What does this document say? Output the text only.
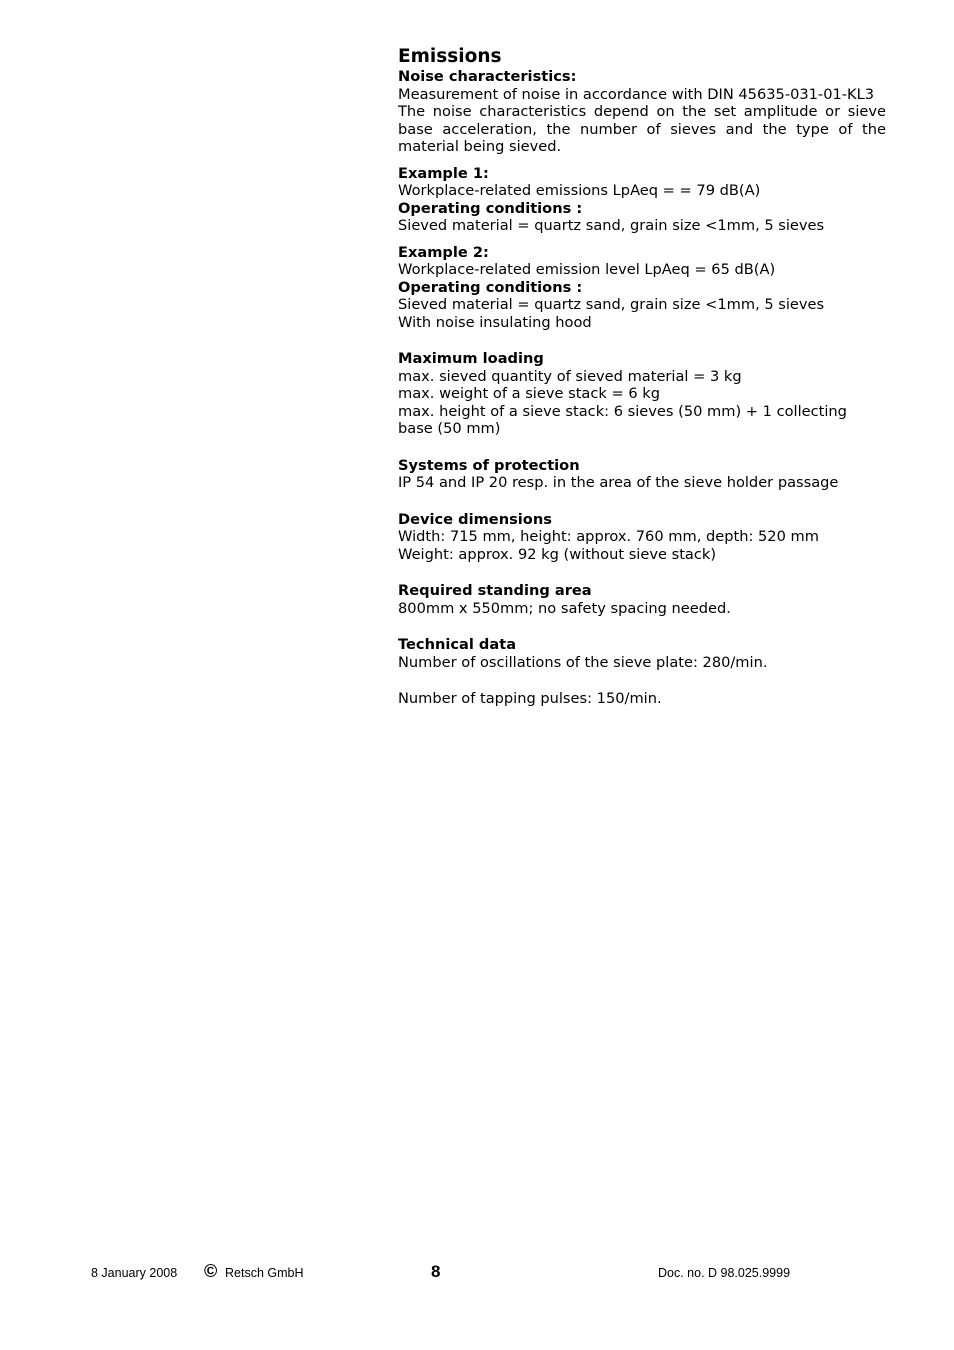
Emissions

Noise characteristics:

Measurement of noise in accordance with DIN 45635-031-01-KL3

The noise characteristics depend on the set amplitude or sieve base acceleration, the number of sieves and the type of the material being sieved.

Example 1:

Workplace-related emissions LpAeq = = 79 dB(A)

Operating conditions :

Sieved material = quartz sand, grain size <1mm, 5 sieves

Example 2:

Workplace-related emission level LpAeq = 65 dB(A)

Operating conditions :

Sieved material = quartz sand, grain size <1mm, 5 sieves

With noise insulating hood

Maximum loading

max. sieved quantity of sieved material = 3 kg

max. weight of a sieve stack = 6 kg

max. height of a sieve stack: 6 sieves (50 mm) + 1 collecting base (50 mm)

Systems of protection

IP 54 and IP 20 resp. in the area of the sieve holder passage

Device dimensions

Width: 715 mm, height: approx. 760 mm, depth: 520 mm

Weight: approx. 92 kg (without sieve stack)

Required standing area

800mm x 550mm; no safety spacing needed.

Technical data

Number of oscillations of the sieve plate: 280/min.

Number of tapping pulses: 150/min.

8 January 2008 © Retsch GmbH	8	Doc. no. D 98.025.9999
